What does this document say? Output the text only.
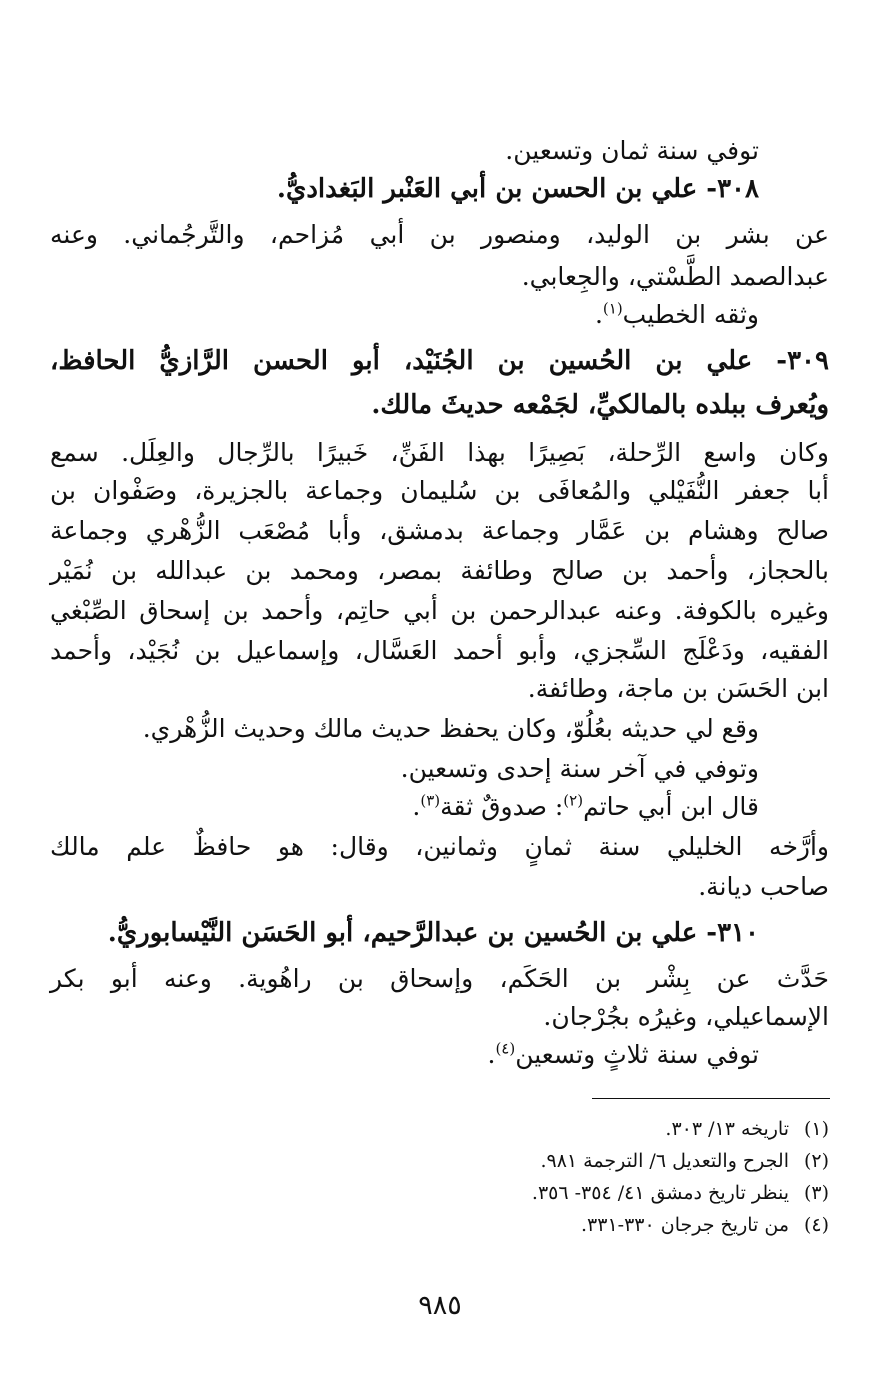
توفي سنة ثمان وتسعين.
٣٠٨- علي بن الحسن بن أبي العَنْبر البَغداديُّ.
عن بشر بن الوليد، ومنصور بن أبي مُزاحم، والتَّرجُماني. وعنه
عبدالصمد الطَّسْتي، والجِعابي.
وثقه الخطيب$^{(١)}$.
٣٠٩- علي بن الحُسين بن الجُنَيْد، أبو الحسن الرَّازيُّ الحافظ،
ويُعرف ببلده بالمالكيِّ، لجَمْعه حديثَ مالك.
وكان واسع الرِّحلة، بَصِيرًا بهذا الفَنِّ، خَبيرًا بالرِّجال والعِلَل. سمع
أبا جعفر النُّفَيْلي والمُعافَى بن سُليمان وجماعة بالجزيرة، وصَفْوان بن
صالح وهشام بن عَمَّار وجماعة بدمشق، وأبا مُصْعَب الزُّهْري وجماعة
بالحجاز، وأحمد بن صالح وطائفة بمصر، ومحمد بن عبدالله بن نُمَيْر
وغيره بالكوفة. وعنه عبدالرحمن بن أبي حاتِم، وأحمد بن إسحاق الصِّبْغي
الفقيه، ودَعْلَج السِّجزي، وأبو أحمد العَسَّال، وإسماعيل بن نُجَيْد، وأحمد
ابن الحَسَن بن ماجة، وطائفة.
وقع لي حديثه بعُلُوّ، وكان يحفظ حديث مالك وحديث الزُّهْري.
وتوفي في آخر سنة إحدى وتسعين.
قال ابن أبي حاتم$^{(٢)}$: صدوقٌ ثقة$^{(٣)}$.
وأرَّخه الخليلي سنة ثمانٍ وثمانين، وقال: هو حافظٌ علم مالك
صاحب ديانة.
٣١٠- علي بن الحُسين بن عبدالرَّحيم، أبو الحَسَن النَّيْسابوريُّ.
حَدَّث عن بِشْر بن الحَكَم، وإسحاق بن راهُوية. وعنه أبو بكر
الإسماعيلي، وغيرُه بجُرْجان.
توفي سنة ثلاثٍ وتسعين$^{(٤)}$.
(١)تاريخه ١٣/ ٣٠٣.
(٢)الجرح والتعديل ٦/ الترجمة ٩٨١.
(٣)ينظر تاريخ دمشق ٤١/ ٣٥٤- ٣٥٦.
(٤)من تاريخ جرجان ٣٣٠-٣٣١.
٩٨٥
